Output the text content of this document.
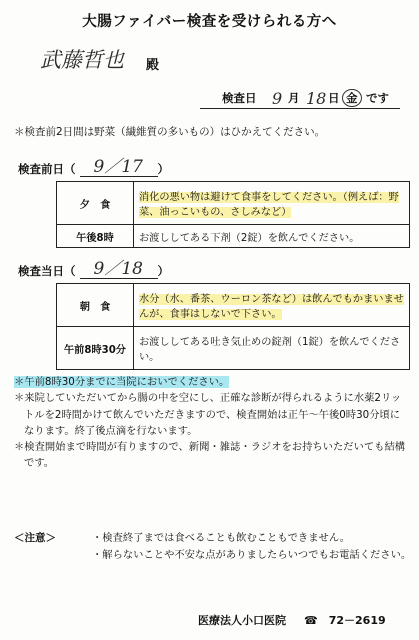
大腸ファイバー検査を受けられる方へ
武藤哲也 殿
検査日 9 月 18 日 金 です
＊検査前2日間は野菜（繊維質の多いもの）はひかえてください。
検査前日（ 9／17 ）
夕　食	消化の悪い物は避けて食事をしてください。（例えば：野菜、油っこいもの、さしみなど）
午後8時	お渡ししてある下剤（2錠）を飲んでください。
検査当日（ 9／18 ）
朝　食	水分（水、番茶、ウーロン茶など）は飲んでもかまいませんが、食事はしないで下さい。
午前8時30分	お渡ししてある吐き気止めの錠剤（1錠）を飲んでください。

＊午前8時30分までに当院においでください。

＊来院していただいてから腸の中を空にし、正確な診断が得られるように水薬2リットルを2時間かけて飲んでいただきますので、検査開始は正午～午後0時30分頃になります。終了後点滴を行ないます。

＊検査開始まで時間が有りますので、新聞・雑誌・ラジオをお持ちいただいても結構です。

＜注意＞	・検査終了までは食べることも飲むこともできません。

・解らないことや不安な点がありましたらいつでもお電話ください。

医療法人小口医院 ☎　72－2619
